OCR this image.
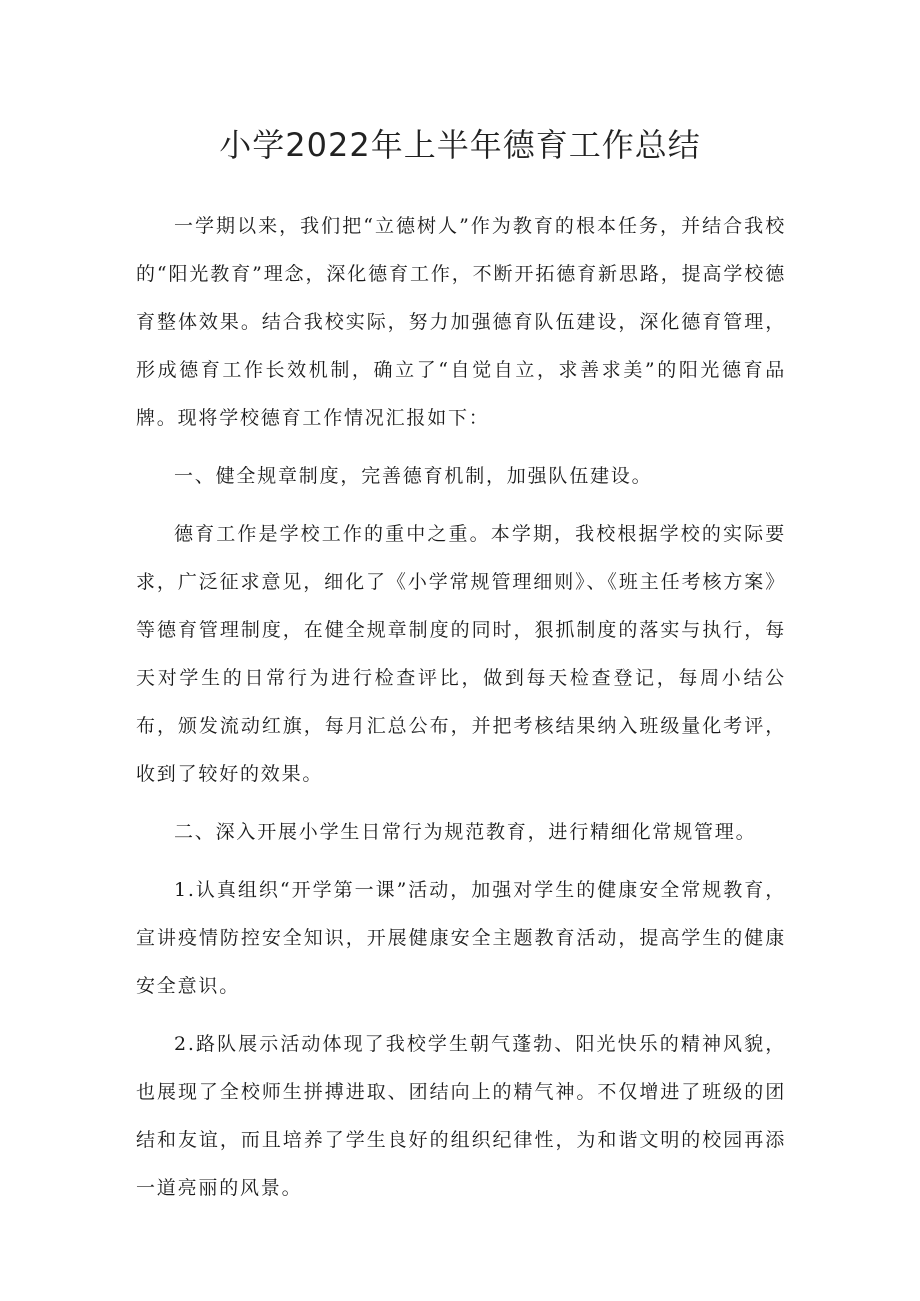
小学2022年上半年德育工作总结

一学期以来，我们把“立德树人”作为教育的根本任务，并结合我校的“阳光教育”理念，深化德育工作，不断开拓德育新思路，提高学校德育整体效果。结合我校实际，努力加强德育队伍建设，深化德育管理，形成德育工作长效机制，确立了“自觉自立，求善求美”的阳光德育品牌。现将学校德育工作情况汇报如下：

一、健全规章制度，完善德育机制，加强队伍建设。

德育工作是学校工作的重中之重。本学期，我校根据学校的实际要求，广泛征求意见，细化了《小学常规管理细则》、《班主任考核方案》等德育管理制度，在健全规章制度的同时，狠抓制度的落实与执行，每天对学生的日常行为进行检查评比，做到每天检查登记，每周小结公布，颁发流动红旗，每月汇总公布，并把考核结果纳入班级量化考评，收到了较好的效果。

二、深入开展小学生日常行为规范教育，进行精细化常规管理。

1.认真组织“开学第一课”活动，加强对学生的健康安全常规教育，宣讲疫情防控安全知识，开展健康安全主题教育活动，提高学生的健康安全意识。

2.路队展示活动体现了我校学生朝气蓬勃、阳光快乐的精神风貌，也展现了全校师生拼搏进取、团结向上的精气神。不仅增进了班级的团结和友谊，而且培养了学生良好的组织纪律性，为和谐文明的校园再添一道亮丽的风景。
